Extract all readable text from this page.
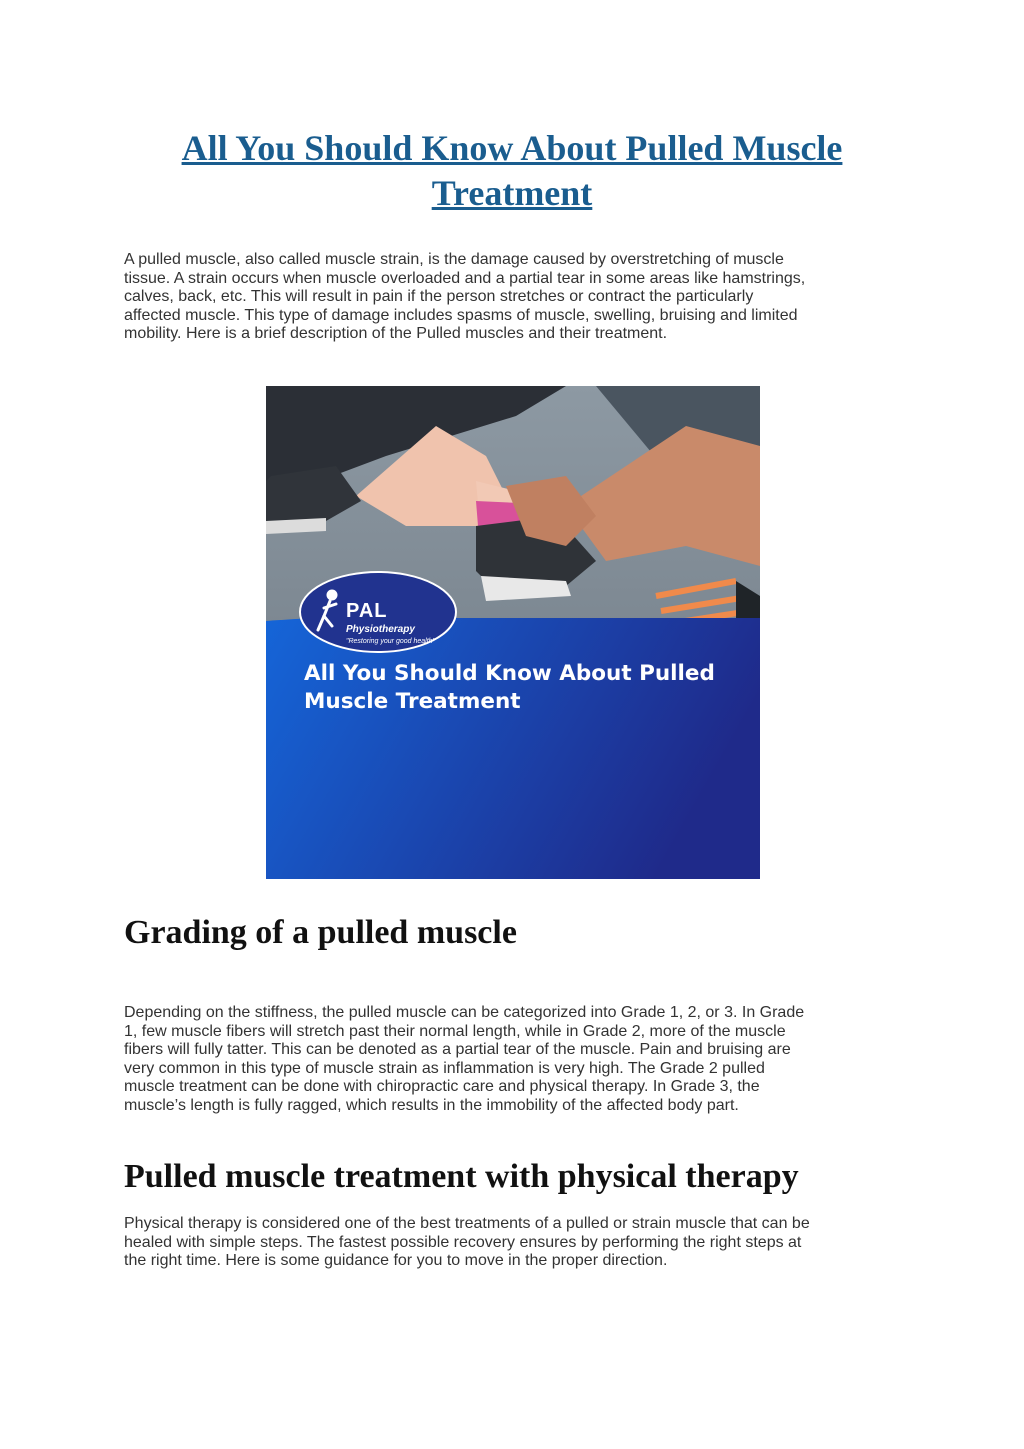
All You Should Know About Pulled Muscle Treatment

A pulled muscle, also called muscle strain, is the damage caused by overstretching of muscle
tissue. A strain occurs when muscle overloaded and a partial tear in some areas like hamstrings,
calves, back, etc. This will result in pain if the person stretches or contract the particularly
affected muscle. This type of damage includes spasms of muscle, swelling, bruising and limited
mobility. Here is a brief description of the Pulled muscles and their treatment.

PAL
Physiotherapy
"Restoring your good health"

All You Should Know About Pulled
Muscle Treatment

Grading of a pulled muscle

Depending on the stiffness, the pulled muscle can be categorized into Grade 1, 2, or 3. In Grade
1, few muscle fibers will stretch past their normal length, while in Grade 2, more of the muscle
fibers will fully tatter. This can be denoted as a partial tear of the muscle. Pain and bruising are
very common in this type of muscle strain as inflammation is very high. The Grade 2 pulled
muscle treatment can be done with chiropractic care and physical therapy. In Grade 3, the
muscle’s length is fully ragged, which results in the immobility of the affected body part.

Pulled muscle treatment with physical therapy

Physical therapy is considered one of the best treatments of a pulled or strain muscle that can be
healed with simple steps. The fastest possible recovery ensures by performing the right steps at
the right time. Here is some guidance for you to move in the proper direction.
